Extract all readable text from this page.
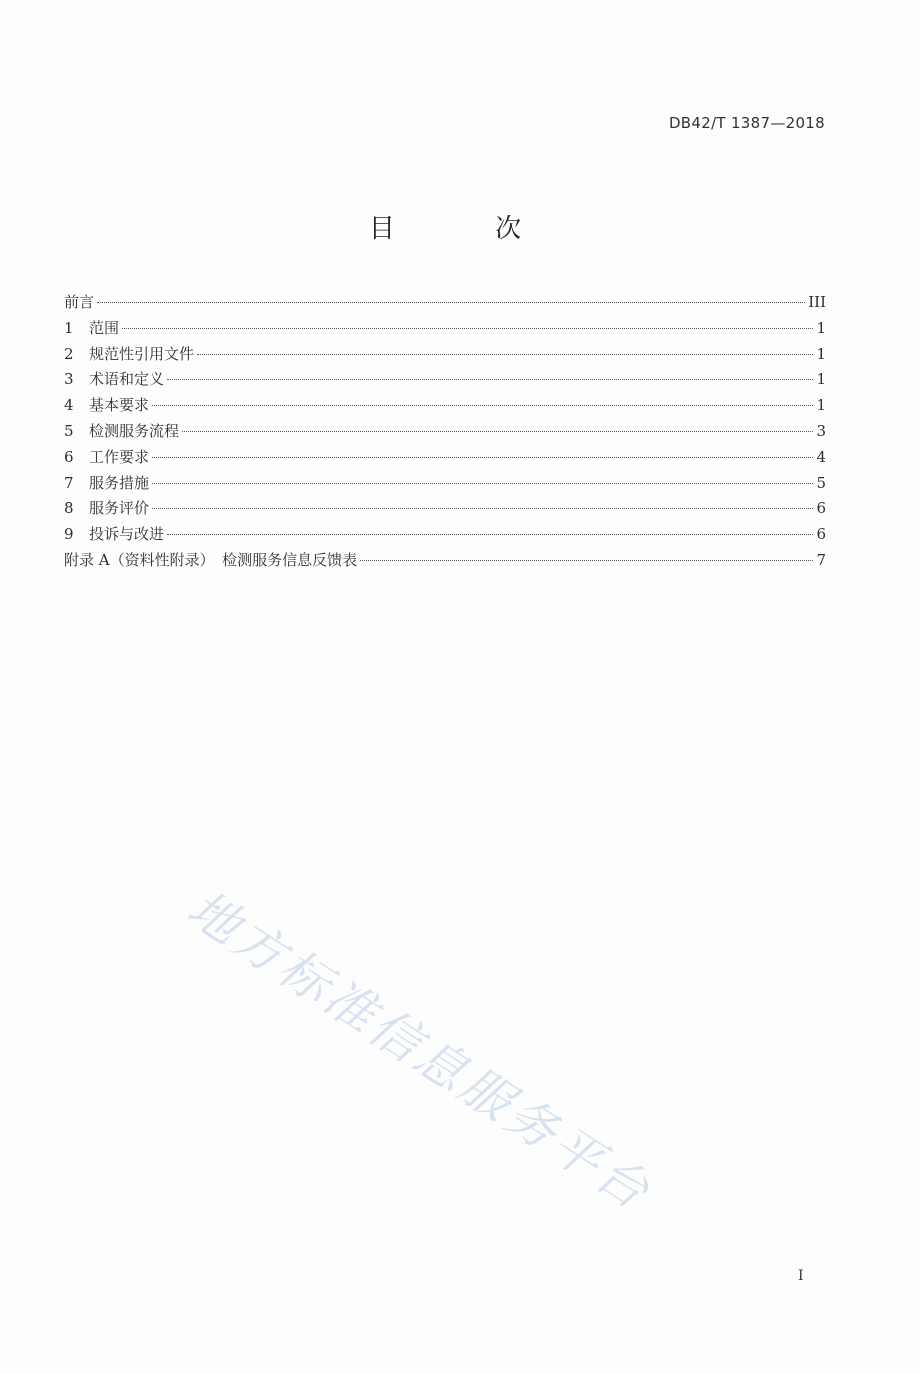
DB42/T 1387—2018
目 次
前言	III
1	范围	1
2	规范性引用文件	1
3	术语和定义	1
4	基本要求	1
5	检测服务流程	3
6	工作要求	4
7	服务措施	5
8	服务评价	6
9	投诉与改进	6
附录 A（资料性附录）　检测服务信息反馈表	7
地方标准信息服务平台
I
